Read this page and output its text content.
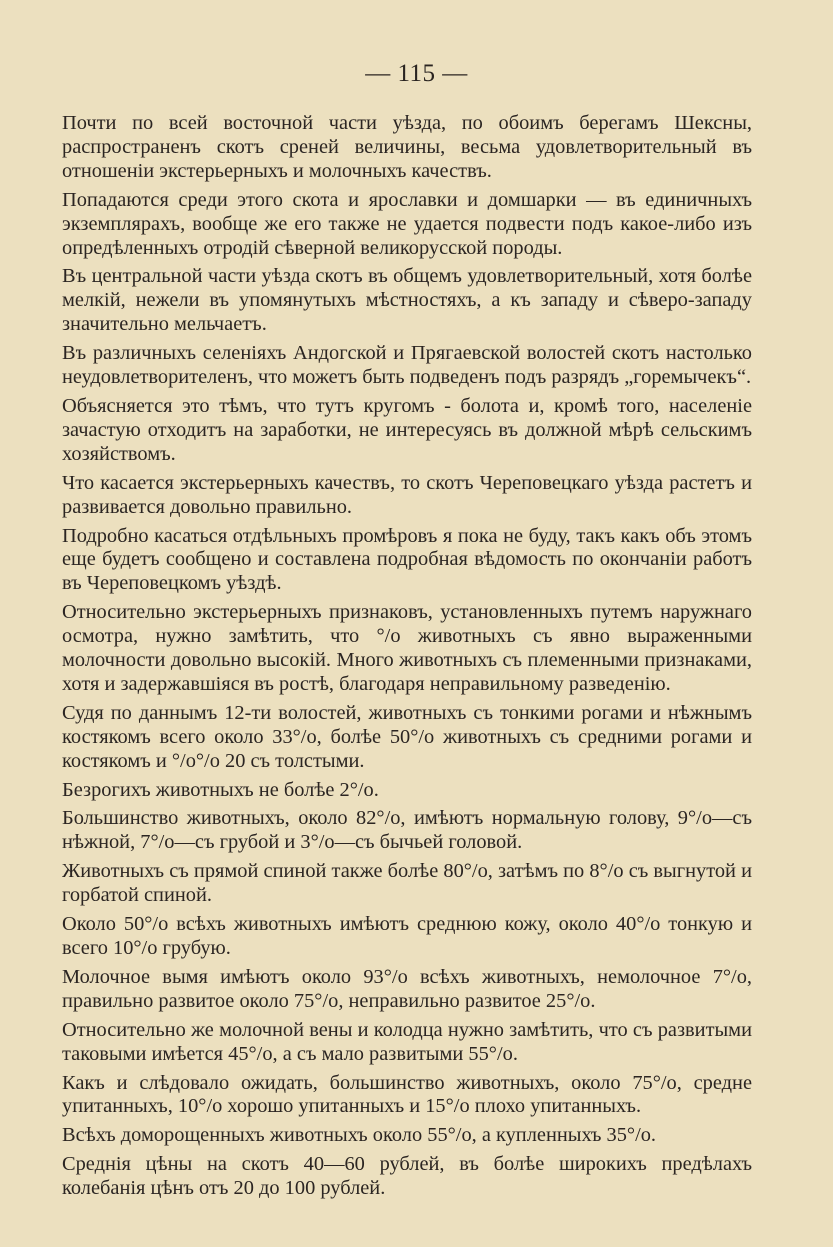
— 115 —

Почти по всей восточной части уѣзда, по обоимъ берегамъ Шексны, распространенъ скотъ среней величины, весьма удовлетворительный въ отношеніи экстерьерныхъ и молочныхъ качествъ.

Попадаются среди этого скота и ярославки и домшарки — въ единичныхъ экземплярахъ, вообще же его также не удается подвести подъ какое-либо изъ опредѣленныхъ отродій сѣверной великорусской породы.

Въ центральной части уѣзда скотъ въ общемъ удовлетворительный, хотя болѣе мелкій, нежели въ упомянутыхъ мѣстностяхъ, а къ западу и сѣверо-западу значительно мельчаетъ.

Въ различныхъ селеніяхъ Андогской и Прягаевской волостей скотъ настолько неудовлетворителенъ, что можетъ быть подведенъ подъ разрядъ „горемычекъ“.

Объясняется это тѣмъ, что тутъ кругомъ - болота и, кромѣ того, населеніе зачастую отходитъ на заработки, не интересуясь въ должной мѣрѣ сельскимъ хозяйствомъ.

Что касается экстерьерныхъ качествъ, то скотъ Череповецкаго уѣзда растетъ и развивается довольно правильно.

Подробно касаться отдѣльныхъ промѣровъ я пока не буду, такъ какъ объ этомъ еще будетъ сообщено и составлена подробная вѣдомость по окончаніи работъ въ Череповецкомъ уѣздѣ.

Относительно экстерьерныхъ признаковъ, установленныхъ путемъ наружнаго осмотра, нужно замѣтить, что °/o животныхъ съ явно выраженными молочности довольно высокій. Много животныхъ съ племенными признаками, хотя и задержавшіяся въ ростѣ, благодаря неправильному разведенію.

Судя по даннымъ 12-ти волостей, животныхъ съ тонкими рогами и нѣжнымъ костякомъ всего около 33°/o, болѣе 50°/o животныхъ съ средними рогами и костякомъ и °/o°/o 20 съ толстыми.

Безрогихъ животныхъ не болѣе 2°/o.

Большинство животныхъ, около 82°/o, имѣютъ нормальную голову, 9°/o—съ нѣжной, 7°/o—съ грубой и 3°/o—съ бычьей головой.

Животныхъ съ прямой спиной также болѣе 80°/o, затѣмъ по 8°/o съ выгнутой и горбатой спиной.

Около 50°/o всѣхъ животныхъ имѣютъ среднюю кожу, около 40°/o тонкую и всего 10°/o грубую.

Молочное вымя имѣютъ около 93°/o всѣхъ животныхъ, немолочное 7°/o, правильно развитое около 75°/o, неправильно развитое 25°/o.

Относительно же молочной вены и колодца нужно замѣтить, что съ развитыми таковыми имѣется 45°/o, а съ мало развитыми 55°/o.

Какъ и слѣдовало ожидать, большинство животныхъ, около 75°/o, средне упитанныхъ, 10°/o хорошо упитанныхъ и 15°/o плохо упитанныхъ.

Всѣхъ доморощенныхъ животныхъ около 55°/o, а купленныхъ 35°/o.

Среднія цѣны на скотъ 40—60 рублей, въ болѣе широкихъ предѣлахъ колебанія цѣнъ отъ 20 до 100 рублей.
